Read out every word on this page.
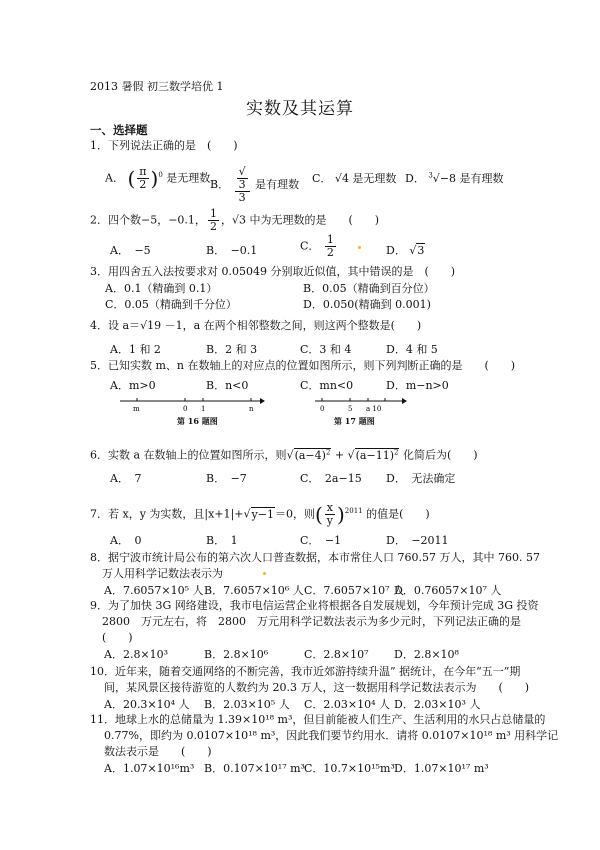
2013 暑假 初三数学培优 1
实数及其运算
一、选择题
1．下列说法正确的是　(　　)
A． ( $\frac{\pi}{2} )^0$ 是无理数 B． √
3
3 是有理数 C． √4 是无理数 D． $^3$√−8 是有理数
2．四个数−5，−0.1， $\frac{1}{2}$ ，√3 中为无理数的是　　(　　)
A．　−5	B．　−0.1	C． $\frac{1}{2}$	D． √3
3．用四舍五入法按要求对 0.05049 分别取近似值，其中错误的是　(　　)
A．0.1（精确到 0.1）	B．0.05（精确到百分位）
C．0.05（精确到千分位）	D．0.050(精确到 0.001)
4．设 a＝√19 －1，a 在两个相邻整数之间，则这两个整数是(　　)
A．1 和 2	B．2 和 3	C．3 和 4	D．4 和 5
5．已知实数 m、n 在数轴上的对应点的位置如图所示，则下列判断正确的是　　(　　)
A．m>0	B．n<0	C．mn<0	D．m−n>0
m	0 1	n
第 16 题图
0	5 a 10
第 17 题图
6．实数 a 在数轴上的位置如图所示，则$√(a-4)^2 + √(a-11)^2$ 化简后为(　　)
A．　7	B．　−7	C．　2a−15 D．　无法确定
7．若 x，y 为实数，且|x+1|+√y−1＝0，则( $\frac{x}{y} )^{2011}$ 的值是(　　)
A．　0	B．　1	C．　−1	D．　−2011
8．据宁波市统计局公布的第六次人口普查数据，本市常住人口 760.57 万人，其中 760. 57
万人用科学记数法表示为
A．7.6057×10⁵ 人 B．7.6057×10⁶ 人 C．7.6057×10⁷ 人
D．0.76057×10⁷ 人
9．为了加快 3G 网络建设，我市电信运营企业将根据各自发展规划，今年预计完成 3G 投资
2800　万元左右，将　2800　万元用科学记数法表示为多少元时，下列记法正确的是
(　　)
A．2.8×10³	B．2.8×10⁶	C．2.8×10⁷ D．2.8×10⁸
10．近年来，随着交通网络的不断完善，我市近郊游持续升温” 据统计，在今年“五一”期
间，某风景区接待游览的人数约为 20.3 万人，这一数据用科学记数法表示为　　(　　)
A．20.3×10⁴ 人 B．2.03×10⁵ 人 C．2.03×10⁴ 人 D．2.03×10³ 人
11．地球上水的总储量为 1.39×10¹⁸ m³，但目前能被人们生产、生活利用的水只占总储量的
0.77%，即约为 0.0107×10¹⁸ m³，因此我们要节约用水．请将 0.0107×10¹⁸ m³ 用科学记
数法表示是　　(　　)
A．1.07×10¹⁶m³ B．0.107×10¹⁷ m³ C．10.7×10¹⁵m³ D．1.07×10¹⁷ m³
